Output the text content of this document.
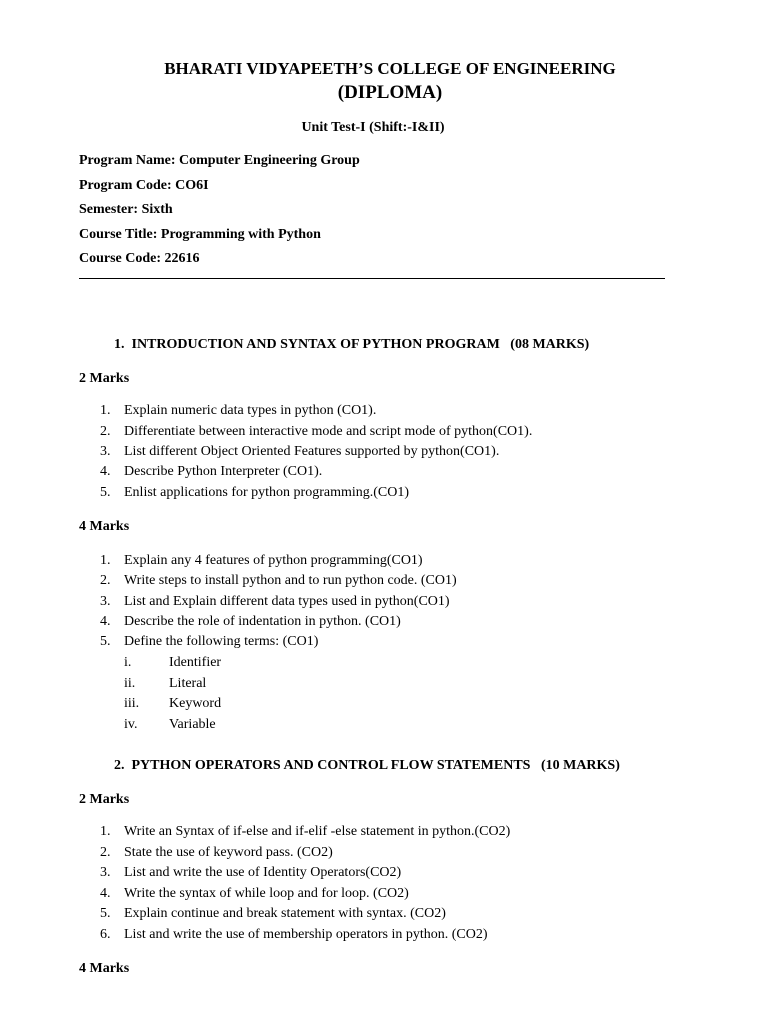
BHARATI VIDYAPEETH’S COLLEGE OF ENGINEERING
(DIPLOMA)
Unit Test-I (Shift:-I&II)
Program Name: Computer Engineering Group
Program Code: CO6I
Semester: Sixth
Course Title: Programming with Python
Course Code: 22616
1.  INTRODUCTION AND SYNTAX OF PYTHON PROGRAM   (08 MARKS)
2 Marks
1. Explain numeric data types in python (CO1).
2. Differentiate between interactive mode and script mode of python(CO1).
3. List different Object Oriented Features supported by python(CO1).
4. Describe Python Interpreter (CO1).
5. Enlist applications for python programming.(CO1)
4 Marks
1. Explain any 4 features of python programming(CO1)
2. Write steps to install python and to run python code. (CO1)
3. List and Explain different data types used in python(CO1)
4. Describe the role of indentation in python. (CO1)
5. Define the following terms: (CO1)
i.	Identifier
ii. Literal
iii. Keyword
iv. Variable
2.  PYTHON OPERATORS AND CONTROL FLOW STATEMENTS   (10 MARKS)
2 Marks
1. Write an Syntax of if-else and if-elif -else statement in python.(CO2)
2. State the use of keyword pass. (CO2)
3. List and write the use of Identity Operators(CO2)
4. Write the syntax of while loop and for loop. (CO2)
5. Explain continue and break statement with syntax. (CO2)
6. List and write the use of membership operators in python. (CO2)
4 Marks
